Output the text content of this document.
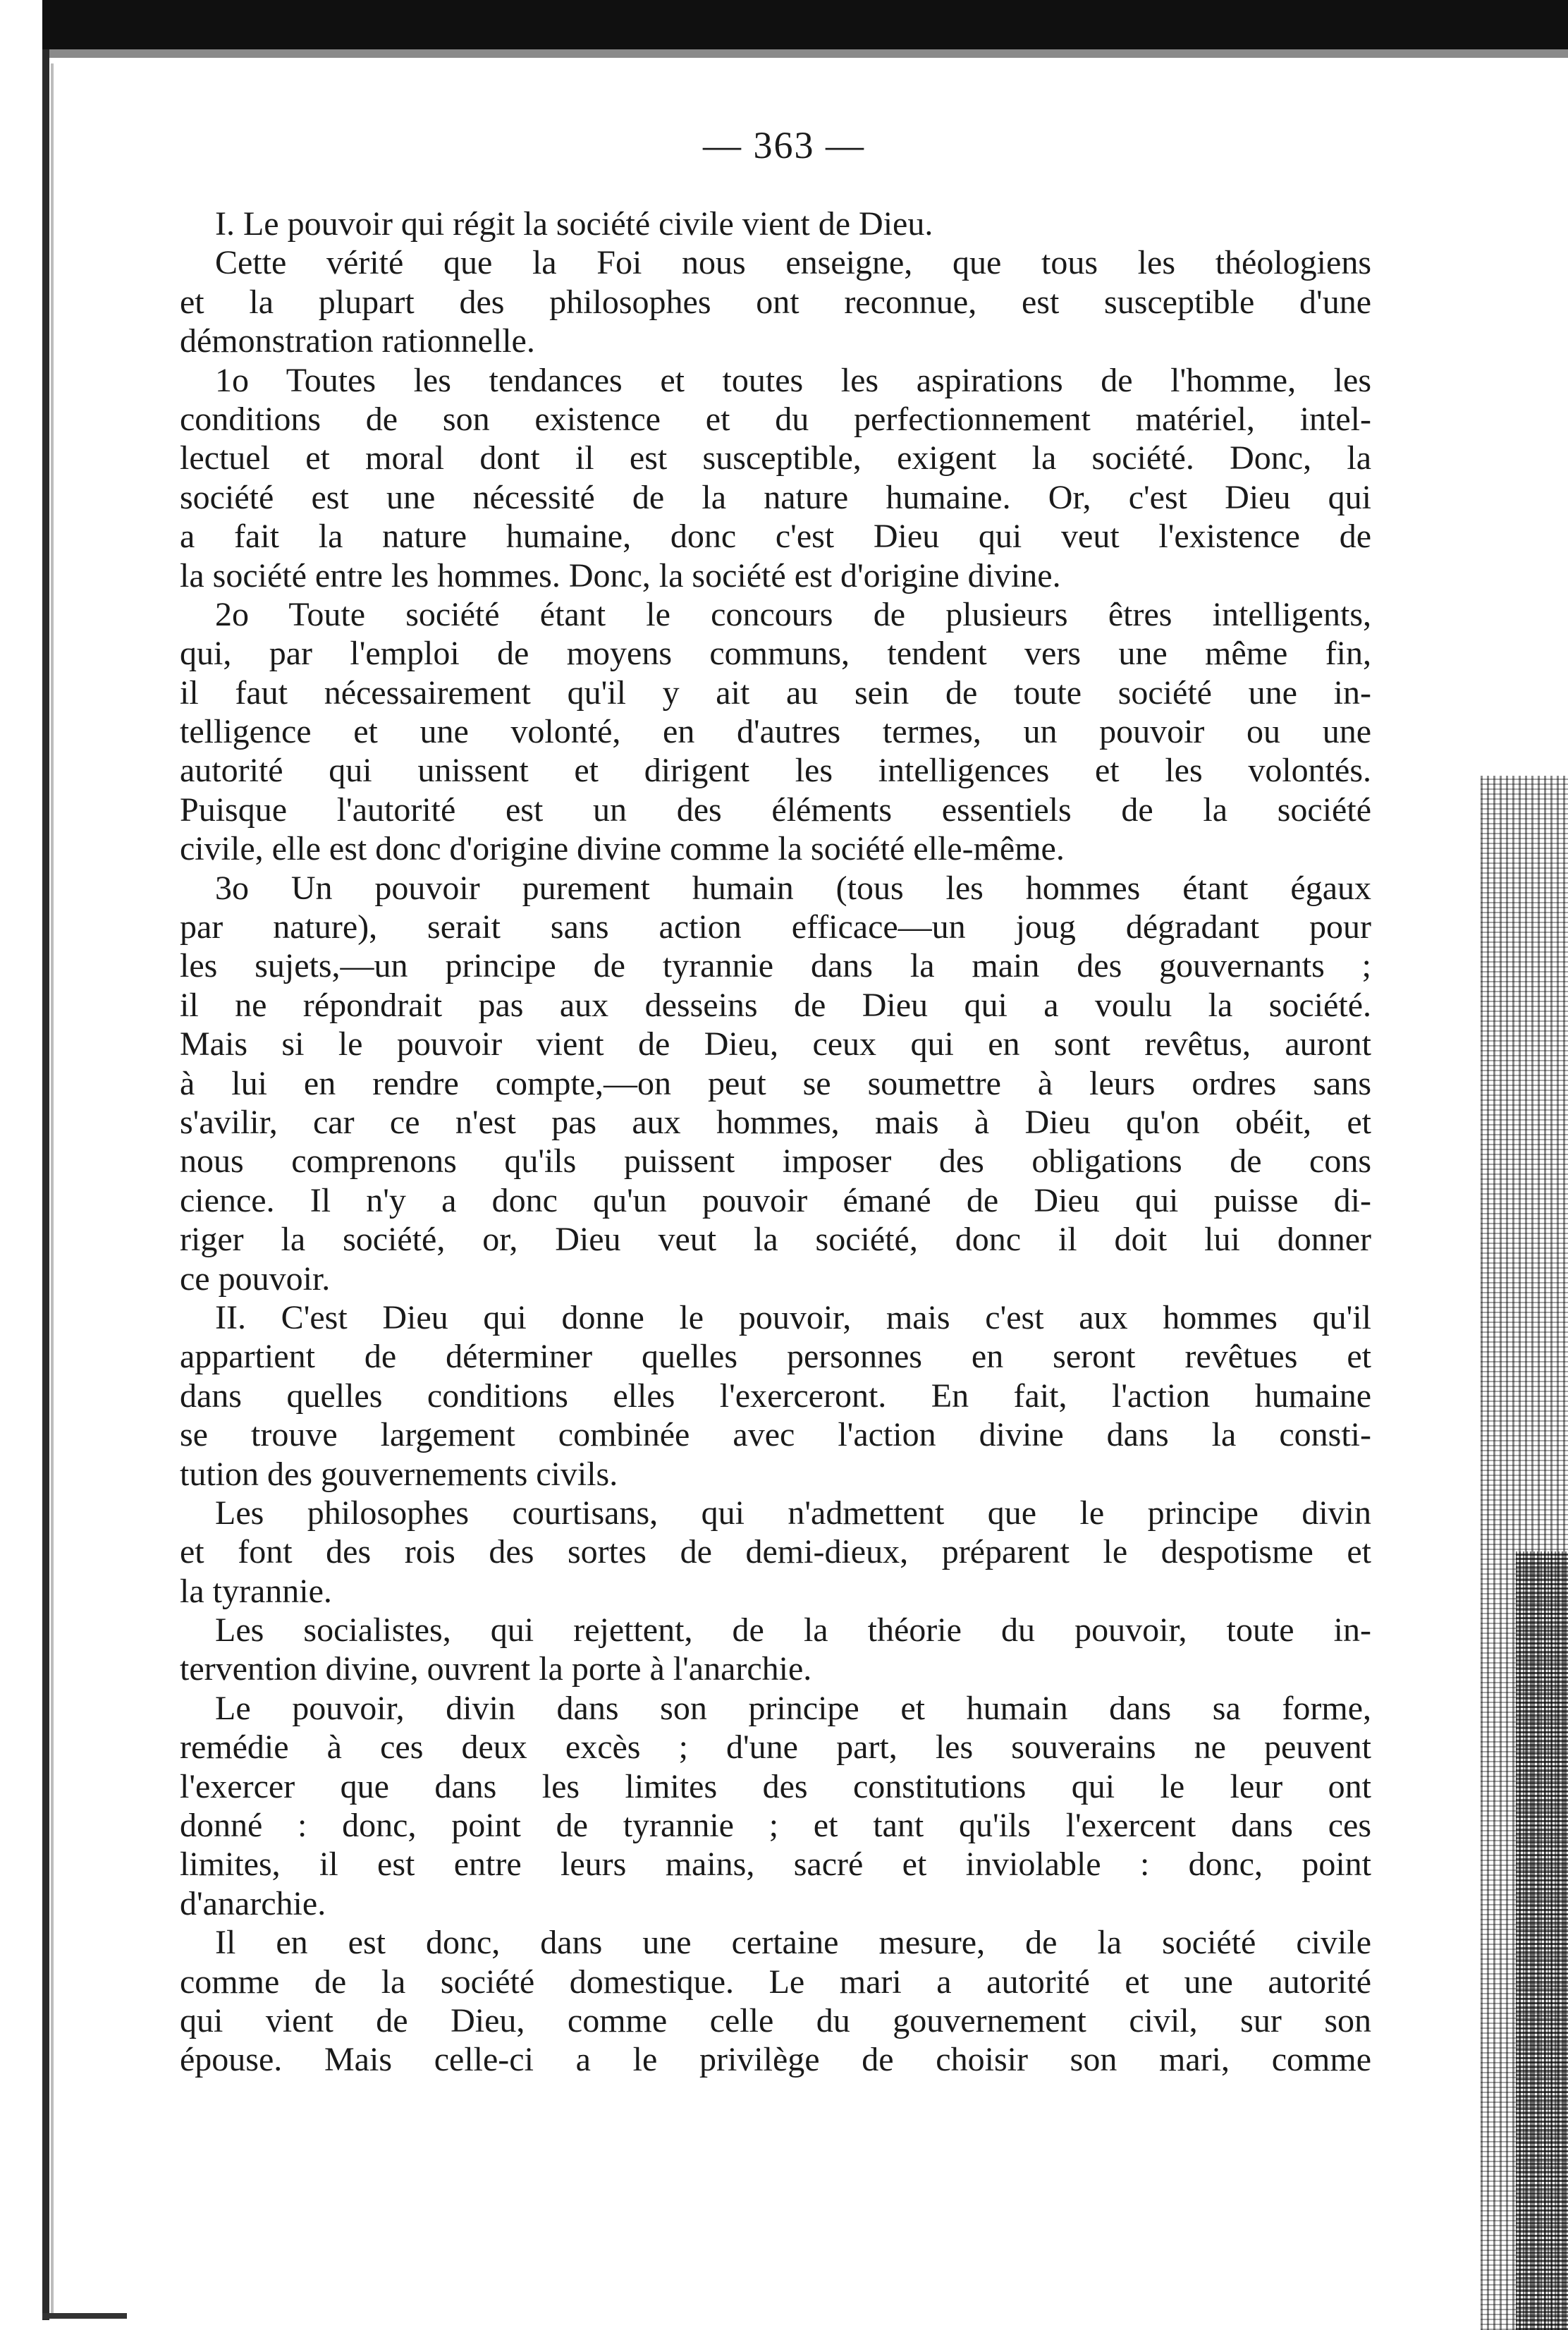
— 363 —
I. Le pouvoir qui régit la société civile vient de Dieu.
Cette vérité que la Foi nous enseigne, que tous les théologiens
et la plupart des philosophes ont reconnue, est susceptible d'une
démonstration rationnelle.
1o Toutes les tendances et toutes les aspirations de l'homme, les
conditions de son existence et du perfectionnement matériel, intel-
lectuel et moral dont il est susceptible, exigent la société. Donc, la
société est une nécessité de la nature humaine. Or, c'est Dieu qui
a fait la nature humaine, donc c'est Dieu qui veut l'existence de
la société entre les hommes. Donc, la société est d'origine divine.
2o Toute société étant le concours de plusieurs êtres intelligents,
qui, par l'emploi de moyens communs, tendent vers une même fin,
il faut nécessairement qu'il y ait au sein de toute société une in-
telligence et une volonté, en d'autres termes, un pouvoir ou une
autorité qui unissent et dirigent les intelligences et les volontés.
Puisque l'autorité est un des éléments essentiels de la société
civile, elle est donc d'origine divine comme la société elle-même.
3o Un pouvoir purement humain (tous les hommes étant égaux
par nature), serait sans action efficace—un joug dégradant pour
les sujets,—un principe de tyrannie dans la main des gouvernants ;
il ne répondrait pas aux desseins de Dieu qui a voulu la société.
Mais si le pouvoir vient de Dieu, ceux qui en sont revêtus, auront
à lui en rendre compte,—on peut se soumettre à leurs ordres sans
s'avilir, car ce n'est pas aux hommes, mais à Dieu qu'on obéit, et
nous comprenons qu'ils puissent imposer des obligations de cons
cience. Il n'y a donc qu'un pouvoir émané de Dieu qui puisse di-
riger la société, or, Dieu veut la société, donc il doit lui donner
ce pouvoir.
II. C'est Dieu qui donne le pouvoir, mais c'est aux hommes qu'il
appartient de déterminer quelles personnes en seront revêtues et
dans quelles conditions elles l'exerceront. En fait, l'action humaine
se trouve largement combinée avec l'action divine dans la consti-
tution des gouvernements civils.
Les philosophes courtisans, qui n'admettent que le principe divin
et font des rois des sortes de demi-dieux, préparent le despotisme et
la tyrannie.
Les socialistes, qui rejettent, de la théorie du pouvoir, toute in-
tervention divine, ouvrent la porte à l'anarchie.
Le pouvoir, divin dans son principe et humain dans sa forme,
remédie à ces deux excès ; d'une part, les souverains ne peuvent
l'exercer que dans les limites des constitutions qui le leur ont
donné : donc, point de tyrannie ; et tant qu'ils l'exercent dans ces
limites, il est entre leurs mains, sacré et inviolable : donc, point
d'anarchie.
Il en est donc, dans une certaine mesure, de la société civile
comme de la société domestique. Le mari a autorité et une autorité
qui vient de Dieu, comme celle du gouvernement civil, sur son
épouse. Mais celle-ci a le privilège de choisir son mari, comme
